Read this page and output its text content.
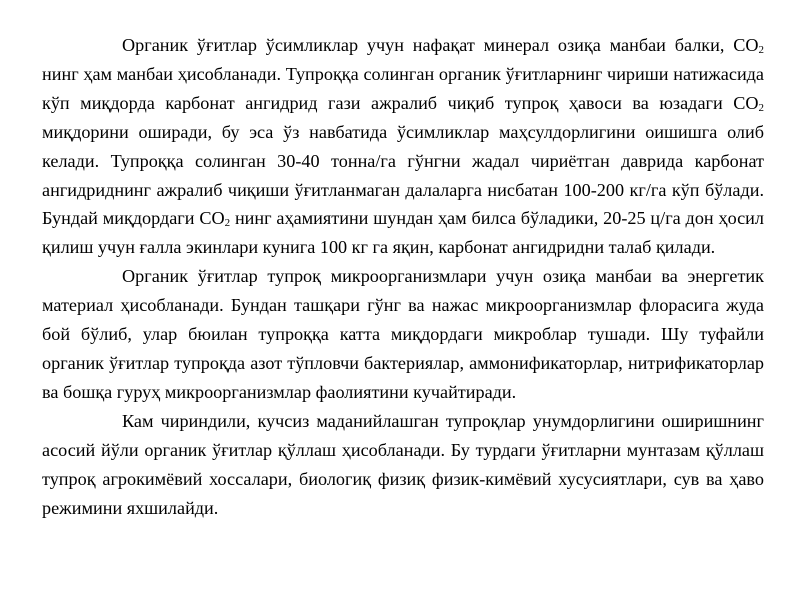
Органик ўғитлар ўсимликлар учун нафақат минерал озиқа манбаи балки, $CO_2$ нинг ҳам манбаи ҳисобланади. Тупроққа солинган органик ўғитларнинг чириши натижасида кўп миқдорда карбонат ангидрид гази ажралиб чиқиб тупроқ ҳавоси ва юзадаги $CO_2$ миқдорини оширади, бу эса ўз навбатида ўсимликлар маҳсулдорлигини оишишга олиб келади. Тупроққа солинган 30-40 тонна/га гўнгни жадал чириётган даврида карбонат ангидриднинг ажралиб чиқиши ўғитланмаган далаларга нисбатан 100-200 кг/га кўп бўлади. Бундай миқдордаги $CO_2$ нинг аҳамиятини шундан ҳам билса бўладики, 20-25 ц/га дон ҳосил қилиш учун ғалла экинлари кунига 100 кг га яқин, карбонат ангидридни талаб қилади.

Органик ўғитлар тупроқ микроорганизмлари учун озиқа манбаи ва энергетик материал ҳисобланади. Бундан ташқари гўнг ва нажас микроорганизмлар флорасига жуда бой бўлиб, улар бюилан тупроққа катта миқдордаги микроблар тушади. Шу туфайли органик ўғитлар тупроқда азот тўпловчи бактериялар, аммонификаторлар, нитрификаторлар ва бошқа гуруҳ микроорганизмлар фаолиятини кучайтиради.

Кам чириндили, кучсиз маданийлашган тупроқлар унумдорлигини оширишнинг асосий йўли органик ўғитлар қўллаш ҳисобланади. Бу турдаги ўғитларни мунтазам қўллаш тупроқ агрокимёвий хоссалари, биологиқ физиқ физик-кимёвий хусусиятлари, сув ва ҳаво режимини яхшилайди.
